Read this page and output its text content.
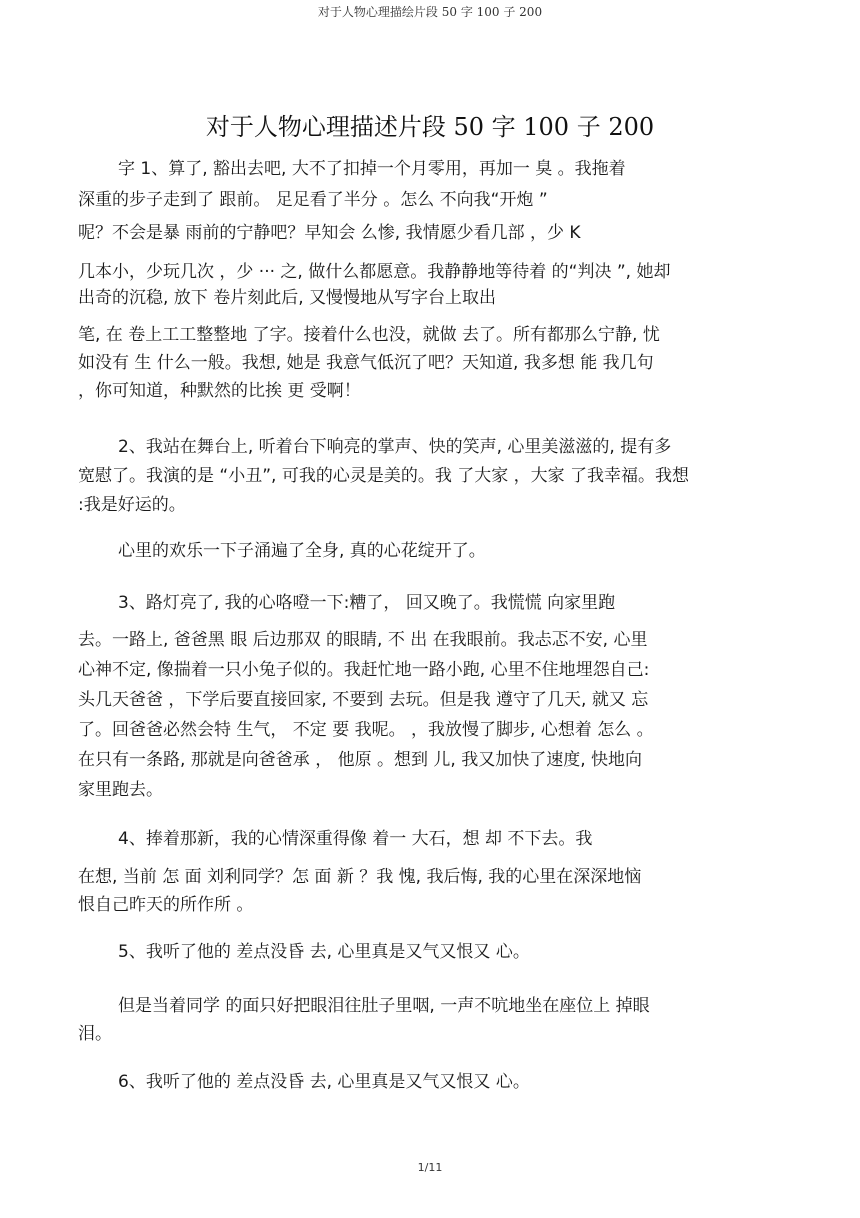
对于人物心理描绘片段 50 字 100 子 200
对于人物心理描述片段 50 字 100 子 200
字 1、算了, 豁出去吧, 大不了扣掉一个月零用，再加一 臭 。我拖着
深重的步子走到了 跟前。 足足看了半分 。怎么 不向我“开炮 ”
呢？不会是暴 雨前的宁静吧？早知会 么惨, 我情愿少看几部 ，少 K
几本小，少玩几次 ，少 ··· 之, 做什么都愿意。我静静地等待着 的“判决 ”, 她却
出奇的沉稳, 放下 卷片刻此后, 又慢慢地从写字台上取出
笔, 在 卷上工工整整地 了字。接着什么也没，就做 去了。所有都那么宁静, 忧
如没有 生 什么一般。我想, 她是 我意气低沉了吧？天知道, 我多想 能 我几句
，你可知道，种默然的比挨 更 受啊！
2、我站在舞台上, 听着台下响亮的掌声、快的笑声, 心里美滋滋的, 提有多
宽慰了。我演的是 “小丑”, 可我的心灵是美的。我 了大家 ，大家 了我幸福。我想
:我是好运的。
心里的欢乐一下子涌遍了全身, 真的心花绽开了。
3、路灯亮了, 我的心咯噔一下:糟了， 回又晚了。我慌慌 向家里跑
去。一路上, 爸爸黑 眼 后边那双 的眼睛, 不 出 在我眼前。我忐忑不安, 心里
心神不定, 像揣着一只小兔子似的。我赶忙地一路小跑, 心里不住地埋怨自己:
头几天爸爸 ，下学后要直接回家, 不要到 去玩。但是我 遵守了几天, 就又 忘
了。回爸爸必然会特 生气， 不定 要 我呢。 ，我放慢了脚步, 心想着 怎么 。
在只有一条路, 那就是向爸爸承 ， 他原 。想到 儿, 我又加快了速度, 快地向
家里跑去。
4、捧着那新，我的心情深重得像 着一 大石，想 却 不下去。我
在想, 当前 怎 面 刘利同学？怎 面 新 ？我 愧, 我后悔, 我的心里在深深地恼
恨自己昨天的所作所 。
5、我听了他的 差点没昏 去, 心里真是又气又恨又 心。
但是当着同学 的面只好把眼泪往肚子里咽, 一声不吭地坐在座位上 掉眼
泪。
6、我听了他的 差点没昏 去, 心里真是又气又恨又 心。
1/11
